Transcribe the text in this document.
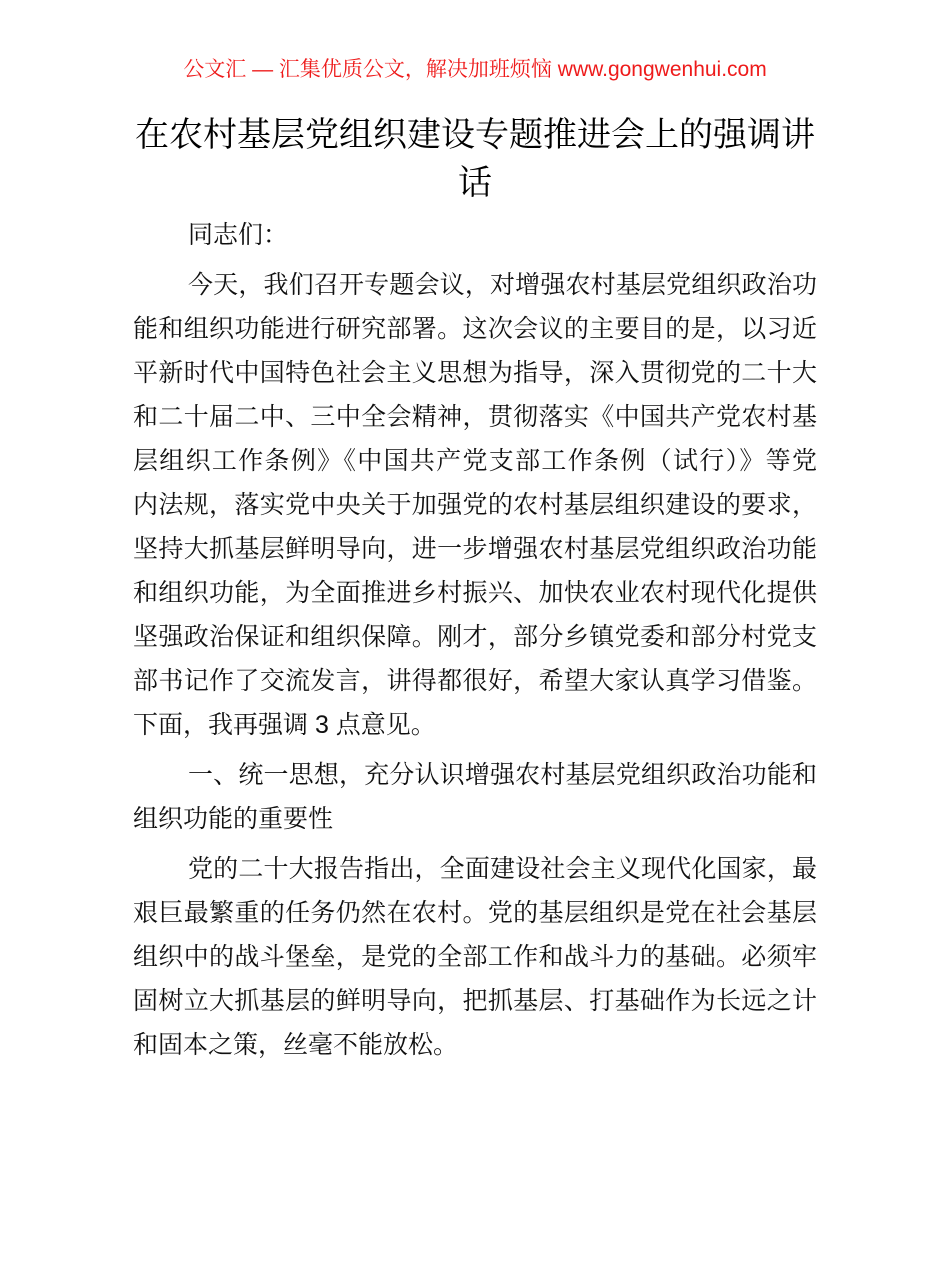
公文汇 — 汇集优质公文，解决加班烦恼 www.gongwenhui.com
在农村基层党组织建设专题推进会上的强调讲话

同志们：

今天，我们召开专题会议，对增强农村基层党组织政治功
能和组织功能进行研究部署。这次会议的主要目的是，以习近
平新时代中国特色社会主义思想为指导，深入贯彻党的二十大
和二十届二中、三中全会精神，贯彻落实《中国共产党农村基
层组织工作条例》《中国共产党支部工作条例（试行）》等党
内法规，落实党中央关于加强党的农村基层组织建设的要求，
坚持大抓基层鲜明导向，进一步增强农村基层党组织政治功能
和组织功能，为全面推进乡村振兴、加快农业农村现代化提供
坚强政治保证和组织保障。刚才，部分乡镇党委和部分村党支
部书记作了交流发言，讲得都很好，希望大家认真学习借鉴。
下面，我再强调 3 点意见。

一、统一思想，充分认识增强农村基层党组织政治功能和
组织功能的重要性

党的二十大报告指出，全面建设社会主义现代化国家，最
艰巨最繁重的任务仍然在农村。党的基层组织是党在社会基层
组织中的战斗堡垒，是党的全部工作和战斗力的基础。必须牢
固树立大抓基层的鲜明导向，把抓基层、打基础作为长远之计
和固本之策，丝毫不能放松。
